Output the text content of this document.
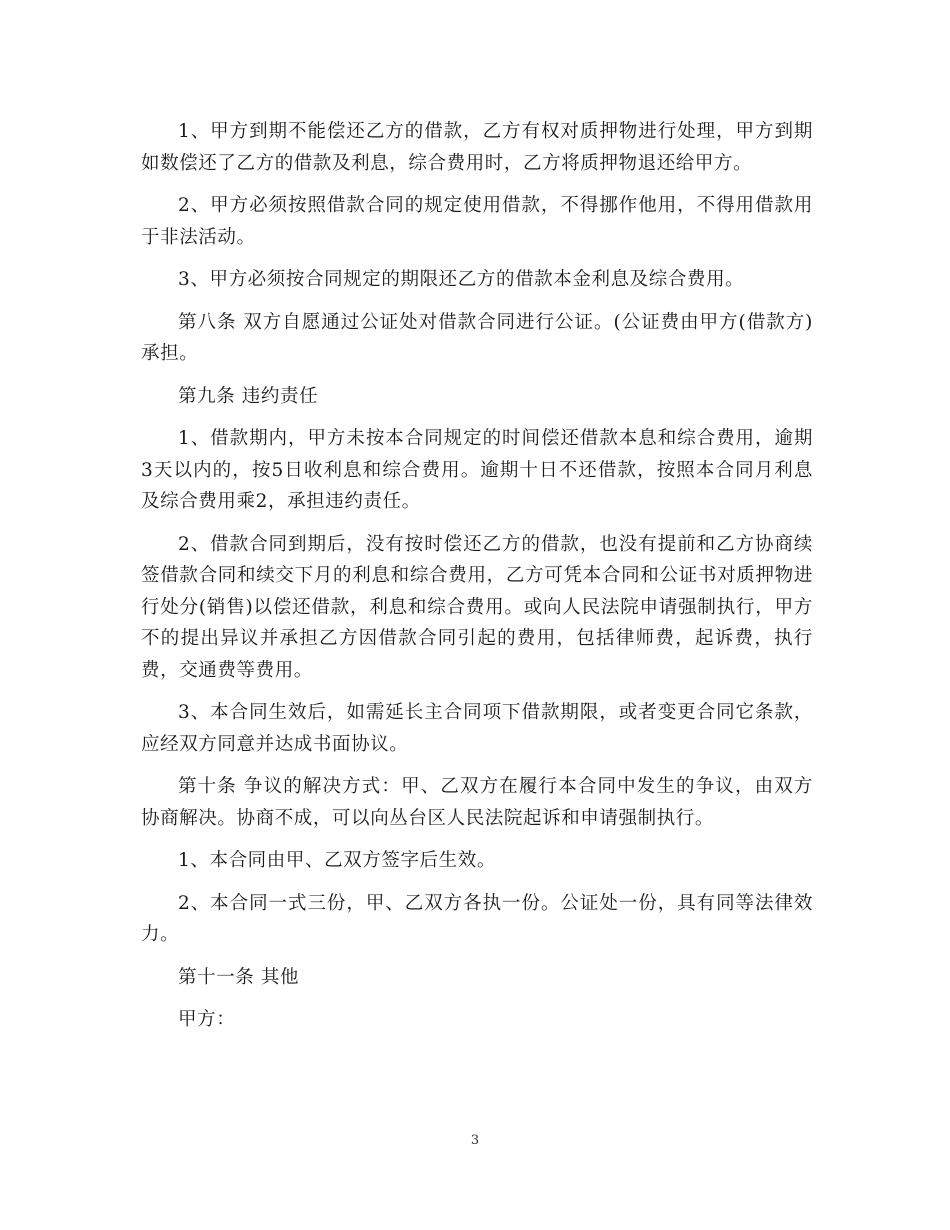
1、甲方到期不能偿还乙方的借款，乙方有权对质押物进行处理，甲方到期如数偿还了乙方的借款及利息，综合费用时，乙方将质押物退还给甲方。

2、甲方必须按照借款合同的规定使用借款，不得挪作他用，不得用借款用于非法活动。

3、甲方必须按合同规定的期限还乙方的借款本金利息及综合费用。

第八条 双方自愿通过公证处对借款合同进行公证。(公证费由甲方(借款方)承担。

第九条 违约责任

1、借款期内，甲方未按本合同规定的时间偿还借款本息和综合费用，逾期3天以内的，按5日收利息和综合费用。逾期十日不还借款，按照本合同月利息及综合费用乘2，承担违约责任。

2、借款合同到期后，没有按时偿还乙方的借款，也没有提前和乙方协商续签借款合同和续交下月的利息和综合费用，乙方可凭本合同和公证书对质押物进行处分(销售)以偿还借款，利息和综合费用。或向人民法院申请强制执行，甲方不的提出异议并承担乙方因借款合同引起的费用，包括律师费，起诉费，执行费，交通费等费用。

3、本合同生效后，如需延长主合同项下借款期限，或者变更合同它条款，应经双方同意并达成书面协议。

第十条 争议的解决方式：甲、乙双方在履行本合同中发生的争议，由双方协商解决。协商不成，可以向丛台区人民法院起诉和申请强制执行。

1、本合同由甲、乙双方签字后生效。

2、本合同一式三份，甲、乙双方各执一份。公证处一份，具有同等法律效力。

第十一条 其他

甲方：

3
